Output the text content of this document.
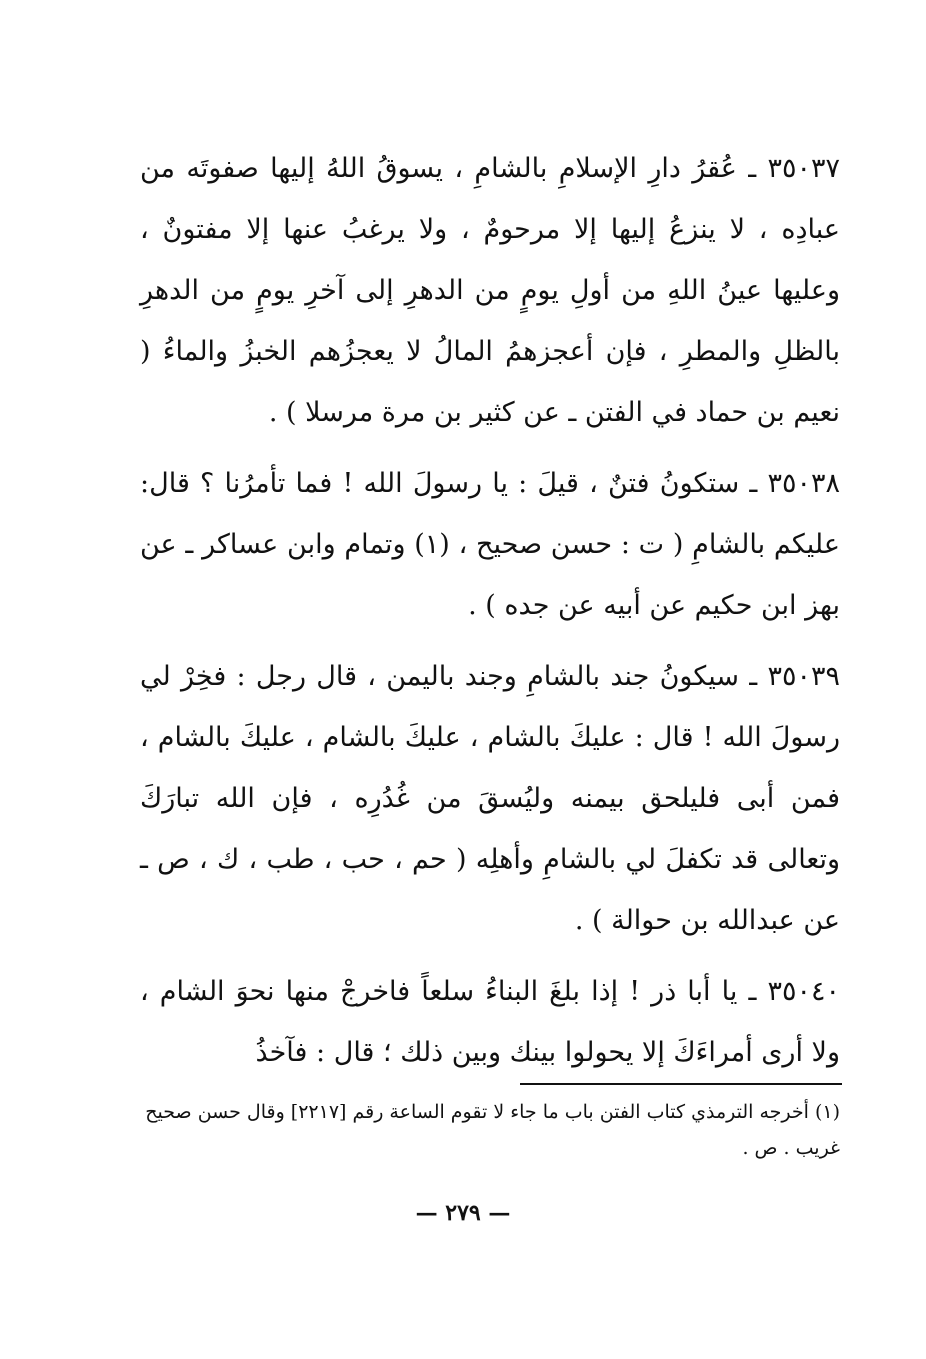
٣٥٠٣٧ ـ عُقرُ دارِ الإسلامِ بالشامِ ، يسوقُ اللهُ إليها صفوتَه من عبادِه ، لا ينزعُ إليها إلا مرحومٌ ، ولا يرغبُ عنها إلا مفتونٌ ، وعليها عينُ اللهِ من أولِ يومٍ من الدهرِ إلى آخرِ يومٍ من الدهرِ بالظلِ والمطرِ ، فإن أعجزهمُ المالُ لا يعجزُهم الخبزُ والماءُ ( نعيم بن حماد في الفتن ـ عن كثير بن مرة مرسلا ) .

٣٥٠٣٨ ـ ستكونُ فتنٌ ، قيلَ : يا رسولَ الله ! فما تأمرُنا ؟ قال: عليكم بالشامِ ( ت : حسن صحيح ، (١) وتمام وابن عساكر ـ عن بهز ابن حكيم عن أبيه عن جده ) .

٣٥٠٣٩ ـ سيكونُ جند بالشامِ وجند باليمن ، قال رجل : فخِرْ لي رسولَ الله ! قال : عليكَ بالشام ، عليكَ بالشام ، عليكَ بالشام ، فمن أبى فليلحق بيمنه وليُسقَ من غُدُرِه ، فإن الله تبارَكَ وتعالى قد تكفلَ لي بالشامِ وأهلِه ( حم ، حب ، طب ، ك ، ص ـ عن عبدالله بن حوالة ) .

٣٥٠٤٠ ـ يا أبا ذر ! إذا بلغَ البناءُ سلعاً فاخرجْ منها نحوَ الشام ، ولا أرى أمراءَكَ إلا يحولوا بينك وبين ذلك ؛ قال : فآخذُ

(١) أخرجه الترمذي كتاب الفتن باب ما جاء لا تقوم الساعة رقم [٢٢١٧] وقال حسن صحيح غريب . ص .

— ٢٧٩ —
